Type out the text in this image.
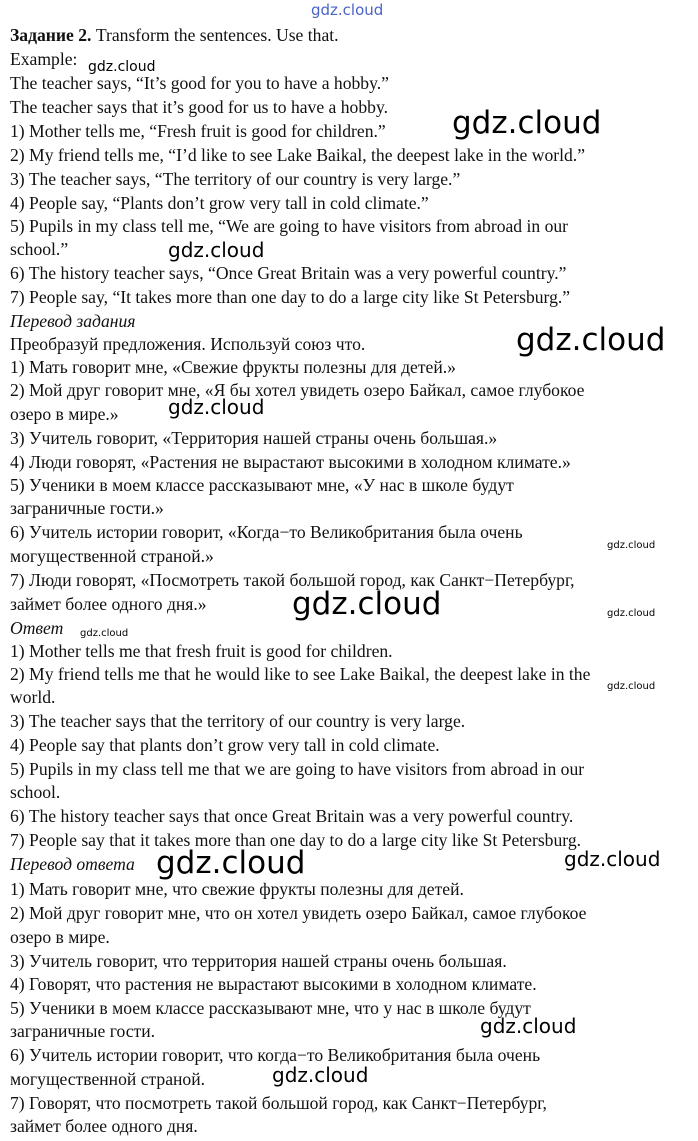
Задание 2. Transform the sentences. Use that.
Example:
The teacher says, “It’s good for you to have a hobby.”
The teacher says that it’s good for us to have a hobby.
1) Mother tells me, “Fresh fruit is good for children.”
2) My friend tells me, “I’d like to see Lake Baikal, the deepest lake in the world.”
3) The teacher says, “The territory of our country is very large.”
4) People say, “Plants don’t grow very tall in cold climate.”
5) Pupils in my class tell me, “We are going to have visitors from abroad in our
school.”
6) The history teacher says, “Once Great Britain was a very powerful country.”
7) People say, “It takes more than one day to do a large city like St Petersburg.”
Перевод задания
Преобразуй предложения. Используй союз что.
1) Мать говорит мне, «Свежие фрукты полезны для детей.»
2) Мой друг говорит мне, «Я бы хотел увидеть озеро Байкал, самое глубокое
озеро в мире.»
3) Учитель говорит, «Территория нашей страны очень большая.»
4) Люди говорят, «Растения не вырастают высокими в холодном климате.»
5) Ученики в моем классе рассказывают мне, «У нас в школе будут
заграничные гости.»
6) Учитель истории говорит, «Когда−то Великобритания была очень
могущественной страной.»
7) Люди говорят, «Посмотреть такой большой город, как Санкт−Петербург,
займет более одного дня.»
Ответ
1) Mother tells me that fresh fruit is good for children.
2) My friend tells me that he would like to see Lake Baikal, the deepest lake in the
world.
3) The teacher says that the territory of our country is very large.
4) People say that plants don’t grow very tall in cold climate.
5) Pupils in my class tell me that we are going to have visitors from abroad in our
school.
6) The history teacher says that once Great Britain was a very powerful country.
7) People say that it takes more than one day to do a large city like St Petersburg.
Перевод ответа
1) Мать говорит мне, что свежие фрукты полезны для детей.
2) Мой друг говорит мне, что он хотел увидеть озеро Байкал, самое глубокое
озеро в мире.
3) Учитель говорит, что территория нашей страны очень большая.
4) Говорят, что растения не вырастают высокими в холодном климате.
5) Ученики в моем классе рассказывают мне, что у нас в школе будут
заграничные гости.
6) Учитель истории говорит, что когда−то Великобритания была очень
могущественной страной.
7) Говорят, что посмотреть такой большой город, как Санкт−Петербург,
займет более одного дня.
gdz.cloud
gdz.cloud
gdz.cloud
gdz.cloud
gdz.cloud
gdz.cloud
gdz.cloud
gdz.cloud	gdz.cloud
gdz.cloud
gdz.cloud
gdz.cloud	gdz.cloud
gdz.cloud
gdz.cloud
